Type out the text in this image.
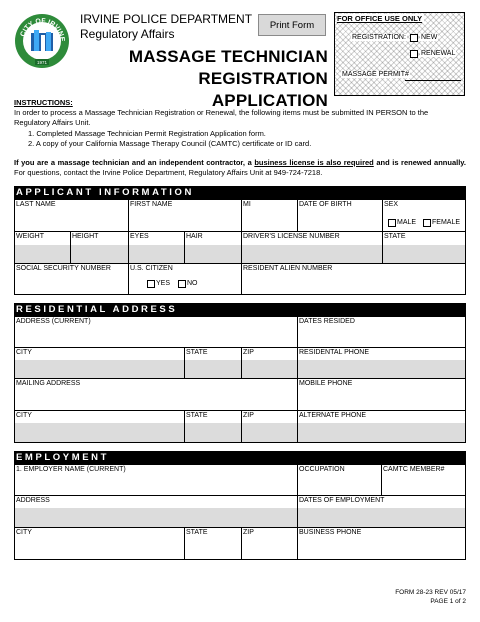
CITY OF IRVINE
1971
IRVINE POLICE DEPARTMENT
Regulatory Affairs
Print Form
MASSAGE TECHNICIAN
REGISTRATION APPLICATION
FOR OFFICE USE ONLY
REGISTRATION: NEW
RENEWAL
MASSAGE PERMIT#
INSTRUCTIONS:
In order to process a Massage Technician Registration or Renewal, the following items must be submitted IN PERSON to the Regulatory Affairs Unit.
1. Completed Massage Technician Permit Registration Application form.
2. A copy of your California Massage Therapy Council (CAMTC) certificate or ID card.
If you are a massage technician and an independent contractor, a business license is also required and is renewed annually. For questions, contact the Irvine Police Department, Regulatory Affairs Unit at 949-724-7218.
APPLICANT INFORMATION
LAST NAME	FIRST NAME	MI	DATE OF BIRTH	SEX
MALE FEMALE
WEIGHT	HEIGHT	EYES	HAIR	DRIVER'S LICENSE NUMBER	STATE
SOCIAL SECURITY NUMBER	U.S. CITIZEN
YES NO
RESIDENT ALIEN NUMBER
RESIDENTIAL ADDRESS
ADDRESS (CURRENT)	DATES RESIDED
CITY	STATE	ZIP	RESIDENTAL PHONE
MAILING ADDRESS	MOBILE PHONE
CITY	STATE	ZIP	ALTERNATE PHONE
EMPLOYMENT
1. EMPLOYER NAME (CURRENT)	OCCUPATION	CAMTC MEMBER#
ADDRESS	DATES OF EMPLOYMENT
CITY	STATE	ZIP	BUSINESS PHONE
FORM 28-23 REV 05/17
PAGE 1 of 2
